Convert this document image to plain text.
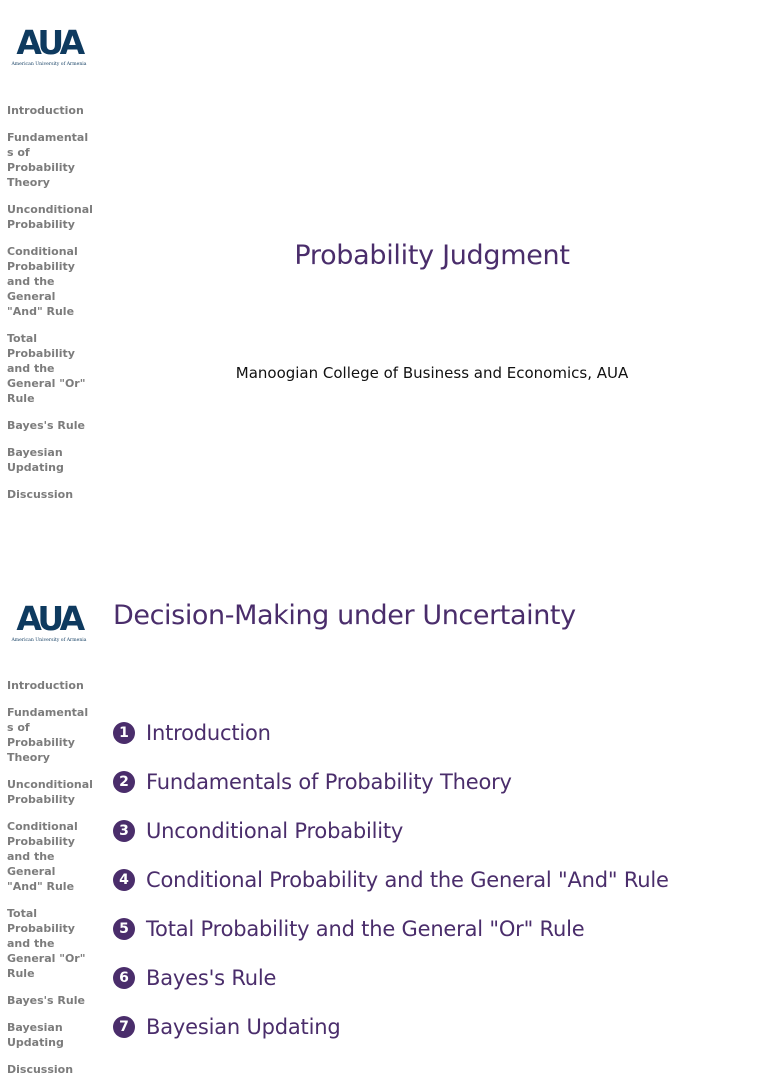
AUA
American University of Armenia
Introduction
Fundamentals of Probability Theory
Unconditional Probability
Conditional Probability and the General "And" Rule
Total Probability and the General "Or" Rule
Bayes's Rule
Bayesian Updating
Discussion
Probability Judgment
Manoogian College of Business and Economics, AUA
AUA
American University of Armenia
Decision-Making under Uncertainty
Introduction
Fundamentals of Probability Theory
Unconditional Probability
Conditional Probability and the General "And" Rule
Total Probability and the General "Or" Rule
Bayes's Rule
Bayesian Updating
Discussion
1 Introduction
2 Fundamentals of Probability Theory
3 Unconditional Probability
4 Conditional Probability and the General "And" Rule
5 Total Probability and the General "Or" Rule
6 Bayes's Rule
7 Bayesian Updating
